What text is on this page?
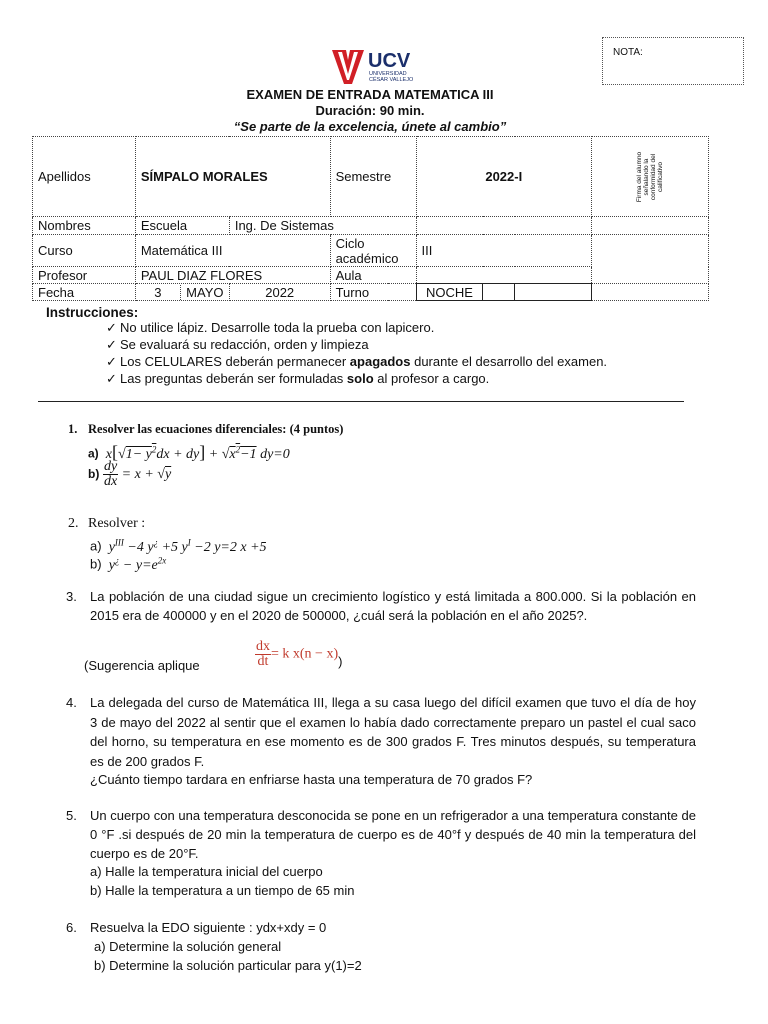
UCV
UNIVERSIDAD
CÉSAR VALLEJO
NOTA:
EXAMEN DE ENTRADA MATEMATICA III
Duración: 90 min.
“Se parte de la excelencia, únete al cambio”
Apellidos	SÍMPALO MORALES		Semestre	2022-I			Firma del alumno señalando la conformidad del calificativo

Nombres	Escuela	Ing. De Sistemas					
Curso	Matemática III		Ciclo académico	III			
Profesor	PAUL DIAZ FLORES		Aula				
Fecha	3 MAYO	2022	Turno	NOCHE			
Instrucciones:
✓ No utilice lápiz. Desarrolle toda la prueba con lapicero.
✓ Se evaluará su redacción, orden y limpieza
✓ Los CELULARES deberán permanecer apagados durante el desarrollo del examen.
✓ Las preguntas deberán ser formuladas solo al profesor a cargo.
1. Resolver las ecuaciones diferenciales: (4 puntos)
a)  $x[√1- y^2dx + dy] + √x^2-1$ dy=0
$b) \frac{dy}{dx} = x + √y$
2. Resolver :
a)  $y^{III} -4$ y¿ +5 $y^I -2$ y=2 x +5
b)  $y^¿ - y=e^{2x}$
3.	La población de una ciudad sigue un crecimiento logístico y está limitada a 800.000. Si la población en 2015 era de 400000 y en el 2020 de 500000, ¿cuál será la población en el año 2025?.
(Sugerencia aplique	$\frac{dx}{dt} = k$ x(n − x))
4.	La delegada del curso de Matemática III, llega a su casa luego del difícil examen que tuvo el día de hoy 3 de mayo del 2022 al sentir que el examen lo había dado correctamente preparo un pastel el cual saco del horno, su temperatura en ese momento es de 300 grados F. Tres minutos después, su temperatura es de 200 grados F.
¿Cuánto tiempo tardara en enfriarse hasta una temperatura de 70 grados F?
5.	Un cuerpo con una temperatura desconocida se pone en un refrigerador a una temperatura constante de 0 °F .si después de 20 min la temperatura de cuerpo es de 40°f y después de 40 min la temperatura del cuerpo es de 20°F.
a) Halle la temperatura inicial del cuerpo
b) Halle la temperatura a un tiempo de 65 min
6.	Resuelva la EDO siguiente : ydx+xdy = 0
a) Determine la solución general
b) Determine la solución particular para y(1)=2
